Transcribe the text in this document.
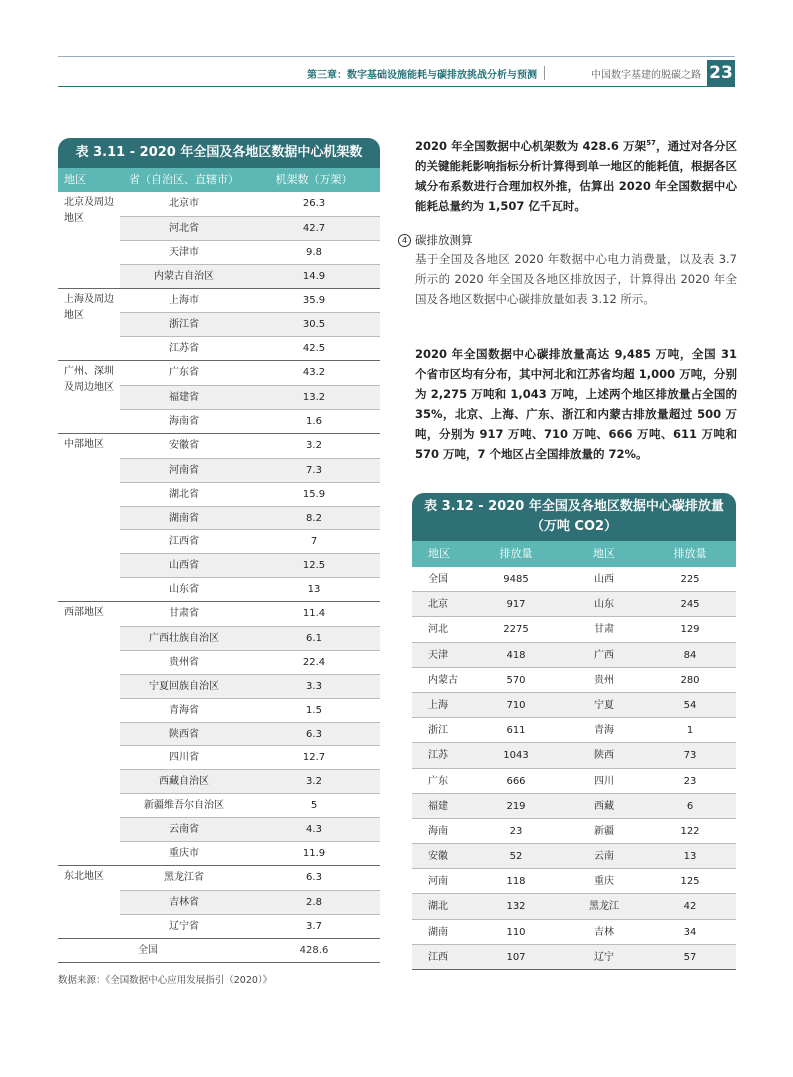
第三章：数字基础设施能耗与碳排放挑战分析与预测	中国数字基建的脱碳之路 23
表 3.11 - 2020 年全国及各地区数据中心机架数
地区	省（自治区、直辖市）	机架数（万架）
北京及周边地区
北京市	26.3
河北省	42.7
天津市	9.8
内蒙古自治区	14.9
上海及周边地区
上海市	35.9
浙江省	30.5
江苏省	42.5
广州、深圳及周边地区
广东省	43.2
福建省	13.2
海南省	1.6
中部地区	安徽省	3.2
河南省	7.3
湖北省	15.9
湖南省	8.2
江西省	7
山西省	12.5
山东省	13
西部地区	甘肃省	11.4
广西壮族自治区	6.1
贵州省	22.4
宁夏回族自治区	3.3
青海省	1.5
陕西省	6.3
四川省	12.7
西藏自治区	3.2
新疆维吾尔自治区	5
云南省	4.3
重庆市	11.9
东北地区	黑龙江省	6.3
吉林省	2.8
辽宁省	3.7
全国	428.6
数据来源：《全国数据中心应用发展指引（2020）》
2020 年全国数据中心机架数为 428.6 万架$^{57}$，通过对各分区的关键能耗影响指标分析计算得到单一地区的能耗值，根据各区域分布系数进行合理加权外推，估算出 2020 年全国数据中心能耗总量约为 1,507 亿千瓦时。
4 碳排放测算
基于全国及各地区 2020 年数据中心电力消费量，以及表 3.7 所示的 2020 年全国及各地区排放因子，计算得出 2020 年全国及各地区数据中心碳排放量如表 3.12 所示。
2020 年全国数据中心碳排放量高达 9,485 万吨，全国 31 个省市区均有分布，其中河北和江苏省均超 1,000 万吨，分别为 2,275 万吨和 1,043 万吨，上述两个地区排放量占全国的 35%，北京、上海、广东、浙江和内蒙古排放量超过 500 万吨，分别为 917 万吨、710 万吨、666 万吨、611 万吨和 570 万吨，7 个地区占全国排放量的 72%。
表 3.12 - 2020 年全国及各地区数据中心碳排放量
（万吨 CO2）
地区	排放量	地区	排放量
全国	9485	山西	225
北京	917	山东	245
河北	2275	甘肃	129
天津	418	广西	84
内蒙古	570	贵州	280
上海	710	宁夏	54
浙江	611	青海	1
江苏	1043	陕西	73
广东	666	四川	23
福建	219	西藏	6
海南	23	新疆	122
安徽	52	云南	13
河南	118	重庆	125
湖北	132	黑龙江	42
湖南	110	吉林	34
江西	107	辽宁	57
